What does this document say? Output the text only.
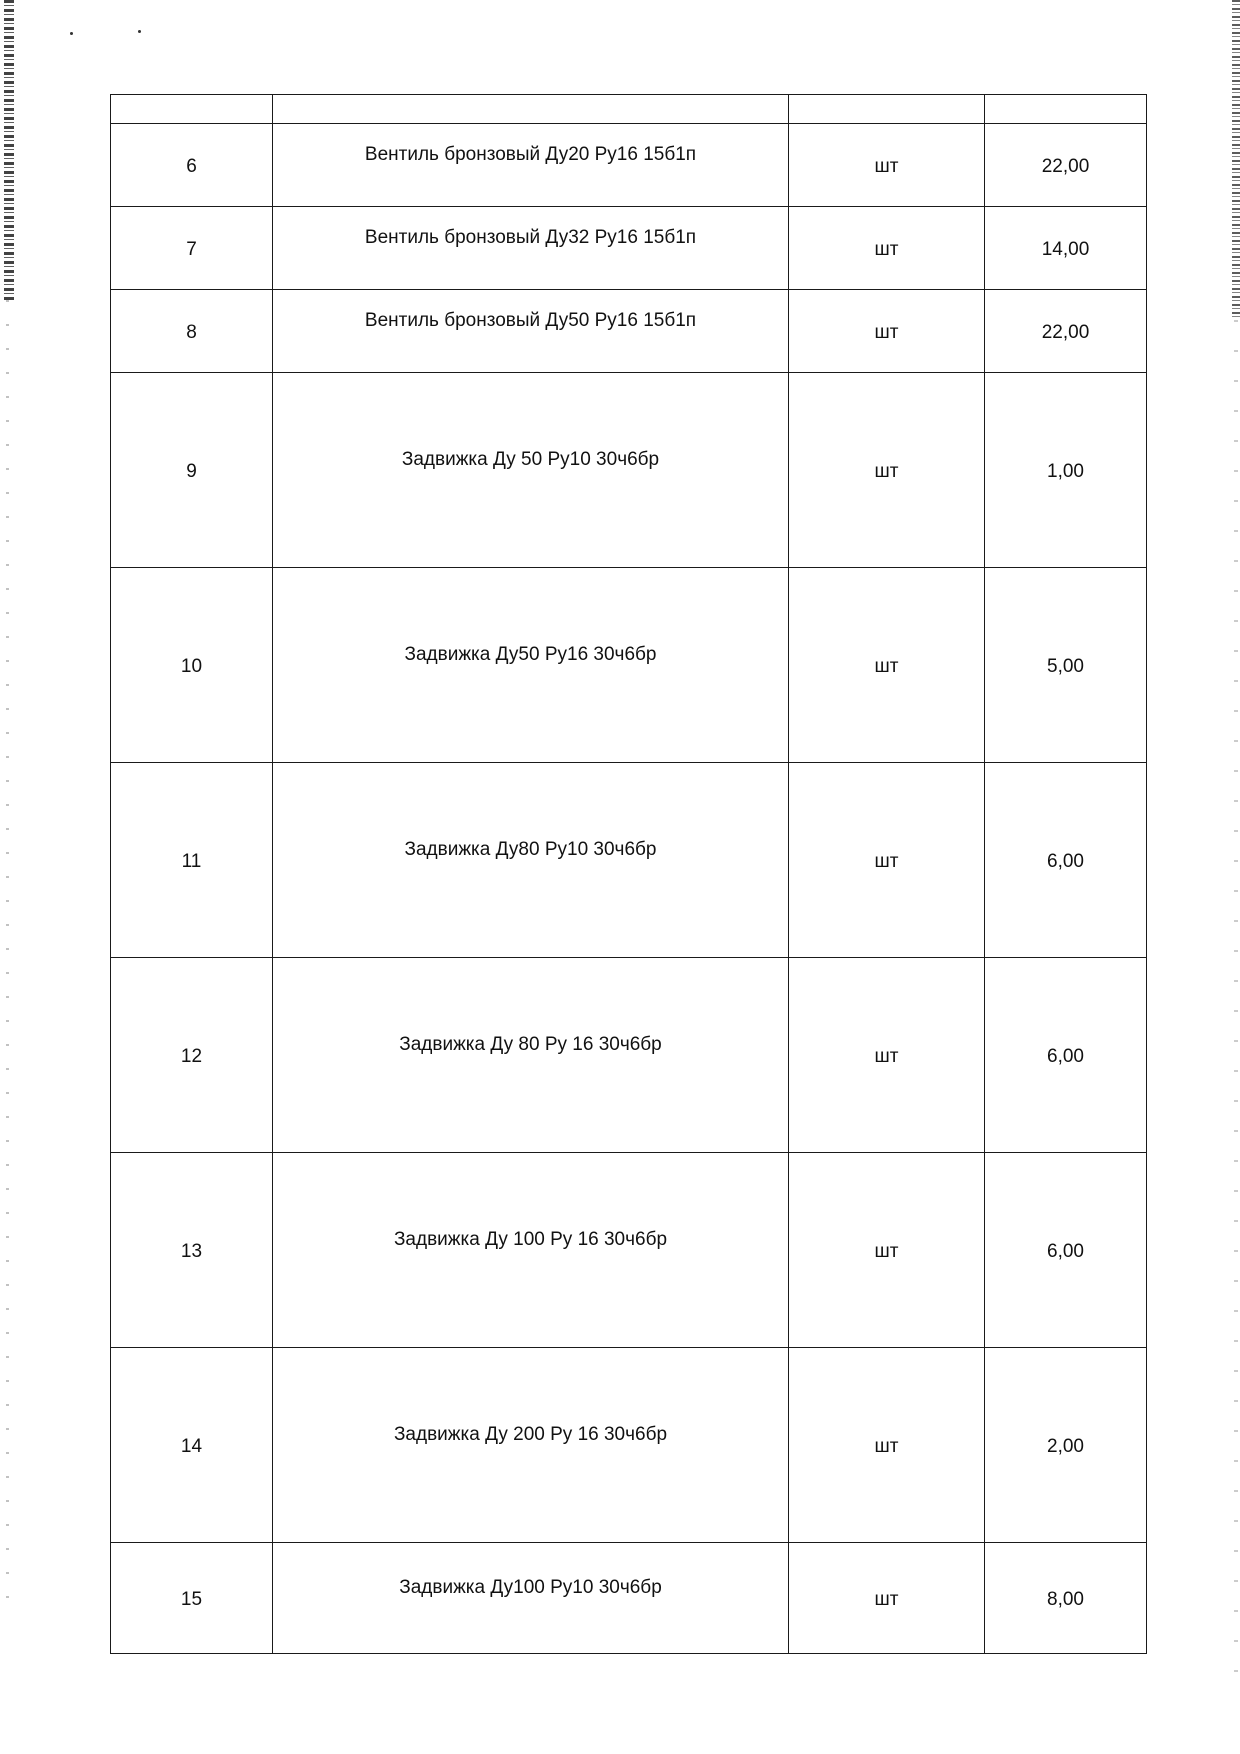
6	Вентиль бронзовый Ду20 Ру16 15б1п	шт	22,00
7	Вентиль бронзовый Ду32 Ру16 15б1п	шт	14,00
8	Вентиль бронзовый Ду50 Ру16 15б1п	шт	22,00
9	Задвижка Ду 50 Ру10 30ч6бр	шт	1,00
10	Задвижка Ду50 Ру16 30ч6бр	шт	5,00
11	Задвижка Ду80 Ру10 30ч6бр	шт	6,00
12	Задвижка Ду 80 Ру 16 30ч6бр	шт	6,00
13	Задвижка Ду 100 Ру 16 30ч6бр	шт	6,00
14	Задвижка Ду 200 Ру 16 30ч6бр	шт	2,00
15	Задвижка Ду100 Ру10 30ч6бр	шт	8,00
